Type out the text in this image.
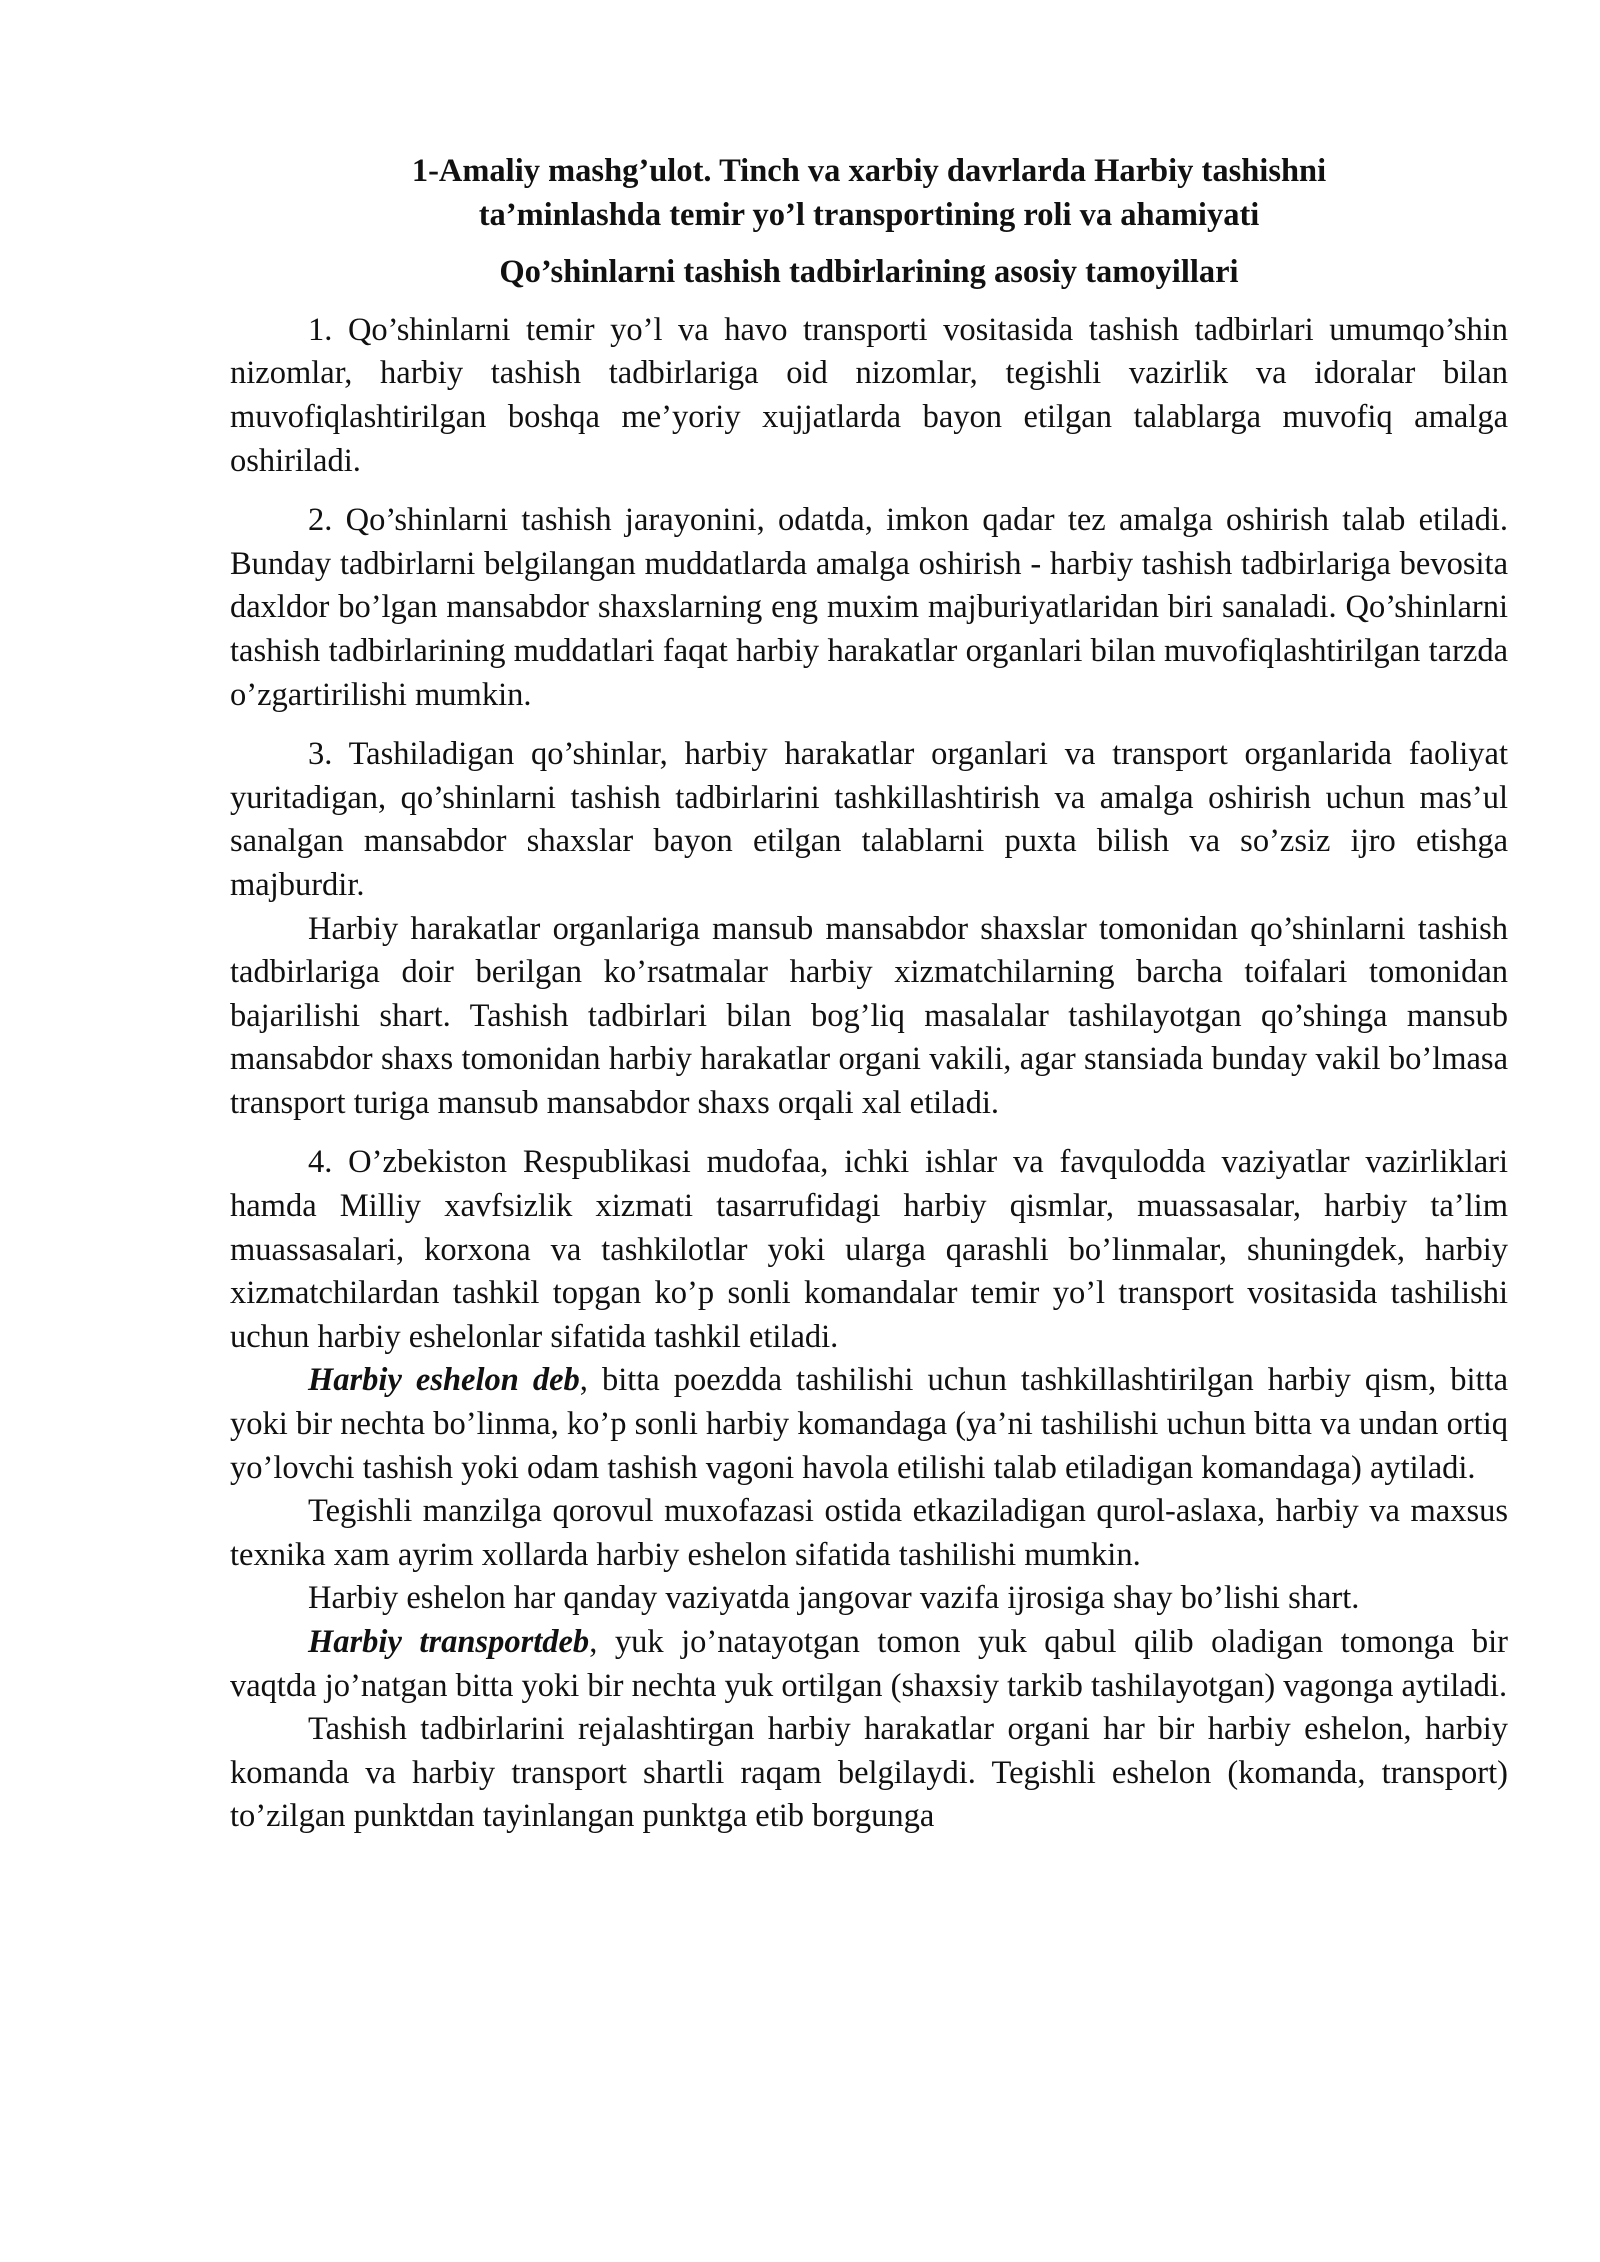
1-Amaliy mashg’ulot. Tinch va xarbiy davrlarda Harbiy tashishni
ta’minlashda temir yo’l transportining roli va ahamiyati

Qo’shinlarni tashish tadbirlarining asosiy tamoyillari

1. Qo’shinlarni temir yo’l va havo transporti vositasida tashish tadbirlari umumqo’shin nizomlar, harbiy tashish tadbirlariga oid nizomlar, tegishli vazirlik va idoralar bilan muvofiqlashtirilgan boshqa me’yoriy xujjatlarda bayon etilgan talablarga muvofiq amalga oshiriladi.

2. Qo’shinlarni tashish jarayonini, odatda, imkon qadar tez amalga oshirish talab etiladi. Bunday tadbirlarni belgilangan muddatlarda amalga oshirish - harbiy tashish tadbirlariga bevosita daxldor bo’lgan mansabdor shaxslarning eng muxim majburiyatlaridan biri sanaladi. Qo’shinlarni tashish tadbirlarining muddatlari faqat harbiy harakatlar organlari bilan muvofiqlashtirilgan tarzda o’zgartirilishi mumkin.

3. Tashiladigan qo’shinlar, harbiy harakatlar organlari va transport organlarida faoliyat yuritadigan, qo’shinlarni tashish tadbirlarini tashkillashtirish va amalga oshirish uchun mas’ul sanalgan mansabdor shaxslar bayon etilgan talablarni puxta bilish va so’zsiz ijro etishga majburdir.

Harbiy harakatlar organlariga mansub mansabdor shaxslar tomonidan qo’shinlarni tashish tadbirlariga doir berilgan ko’rsatmalar harbiy xizmatchilarning barcha toifalari tomonidan bajarilishi shart. Tashish tadbirlari bilan bog’liq masalalar tashilayotgan qo’shinga mansub mansabdor shaxs tomonidan harbiy harakatlar organi vakili, agar stansiada bunday vakil bo’lmasa transport turiga mansub mansabdor shaxs orqali xal etiladi.

4. O’zbekiston Respublikasi mudofaa, ichki ishlar va favqulodda vaziyatlar vazirliklari hamda Milliy xavfsizlik xizmati tasarrufidagi harbiy qismlar, muassasalar, harbiy ta’lim muassasalari, korxona va tashkilotlar yoki ularga qarashli bo’linmalar, shuningdek, harbiy xizmatchilardan tashkil topgan ko’p sonli komandalar temir yo’l transport vositasida tashilishi uchun harbiy eshelonlar sifatida tashkil etiladi.

Harbiy eshelon deb, bitta poezdda tashilishi uchun tashkillashtirilgan harbiy qism, bitta yoki bir nechta bo’linma, ko’p sonli harbiy komandaga (ya’ni tashilishi uchun bitta va undan ortiq yo’lovchi tashish yoki odam tashish vagoni havola etilishi talab etiladigan komandaga) aytiladi.

Tegishli manzilga qorovul muxofazasi ostida etkaziladigan qurol-aslaxa, harbiy va maxsus texnika xam ayrim xollarda harbiy eshelon sifatida tashilishi mumkin.

Harbiy eshelon har qanday vaziyatda jangovar vazifa ijrosiga shay bo’lishi shart.

Harbiy transportdeb, yuk jo’natayotgan tomon yuk qabul qilib oladigan tomonga bir vaqtda jo’natgan bitta yoki bir nechta yuk ortilgan (shaxsiy tarkib tashilayotgan) vagonga aytiladi.

Tashish tadbirlarini rejalashtirgan harbiy harakatlar organi har bir harbiy eshelon, harbiy komanda va harbiy transport shartli raqam belgilaydi. Tegishli eshelon (komanda, transport) to’zilgan punktdan tayinlangan punktga etib borgunga
